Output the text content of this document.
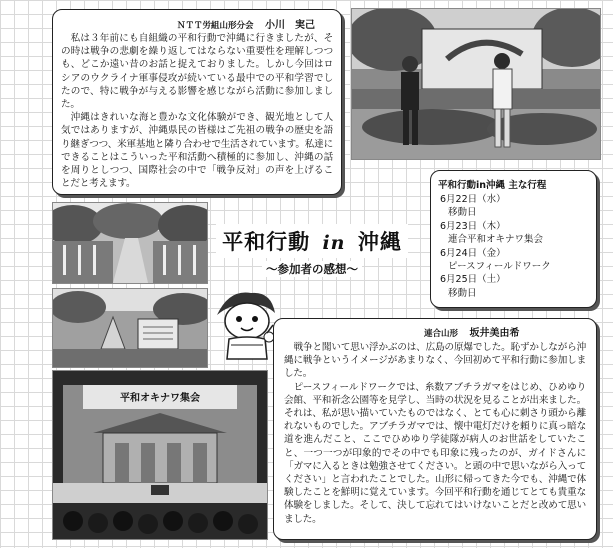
ＮＴＴ労組山形分会 小川　実己
私は３年前にも自組織の平和行動で沖縄に行きましたが、その時は戦争の悲劇を繰り返してはならない重要性を理解しつつも、どこか遠い昔のお話と捉えておりました。しかし今回はロシアのウクライナ軍事侵攻が続いている最中での平和学習でしたので、特に戦争が与える影響を感じながら活動に参加しました。
沖縄はきれいな海と豊かな文化体験ができ、観光地として人気ではありますが、沖縄県民の皆様はご先祖の戦争の歴史を語り継ぎつつ、米軍基地と隣り合わせで生活されています。私達にできることはこういった平和活動へ積極的に参加し、沖縄の話を周りとしつつ、国際社会の中で「戦争反対」の声を上げることだと考えます。	平和行動in沖縄 主な行程
6月22日（水）
移動日
6月23日（木）
連合平和オキナワ集会
6月24日（金）
ピースフィールドワーク
6月25日（土）
移動日
平和行動 in 沖縄 ～参加者の感想～
連合山形 坂井美由希
戦争と聞いて思い浮かぶのは、広島の原爆でした。恥ずかしながら沖縄に戦争というイメージがあまりなく、今回初めて平和行動に参加しました。
ピースフィールドワークでは、糸数アブチラガマをはじめ、ひめゆり会館、平和祈念公園等を見学し、当時の状況を見ることが出来ました。それは、私が思い描いていたものではなく、とても心に刺さり頭から離れないものでした。アブチラガマでは、懐中電灯だけを頼りに真っ暗な道を進んだこと、ここでひめゆり学徒隊が病人のお世話をしていたこと、一つ一つが印象的でその中でも印象に残ったのが、ガイドさんに「ガマに入るときは勉強させてください。と頭の中で思いながら入ってください」と言われたことでした。山形に帰ってきた今でも、沖縄で体験したことを鮮明に覚えています。今回平和行動を通じてとても貴重な体験をしました。そして、決して忘れてはいけないことだと改めて思いました。
平和オキナワ集会
